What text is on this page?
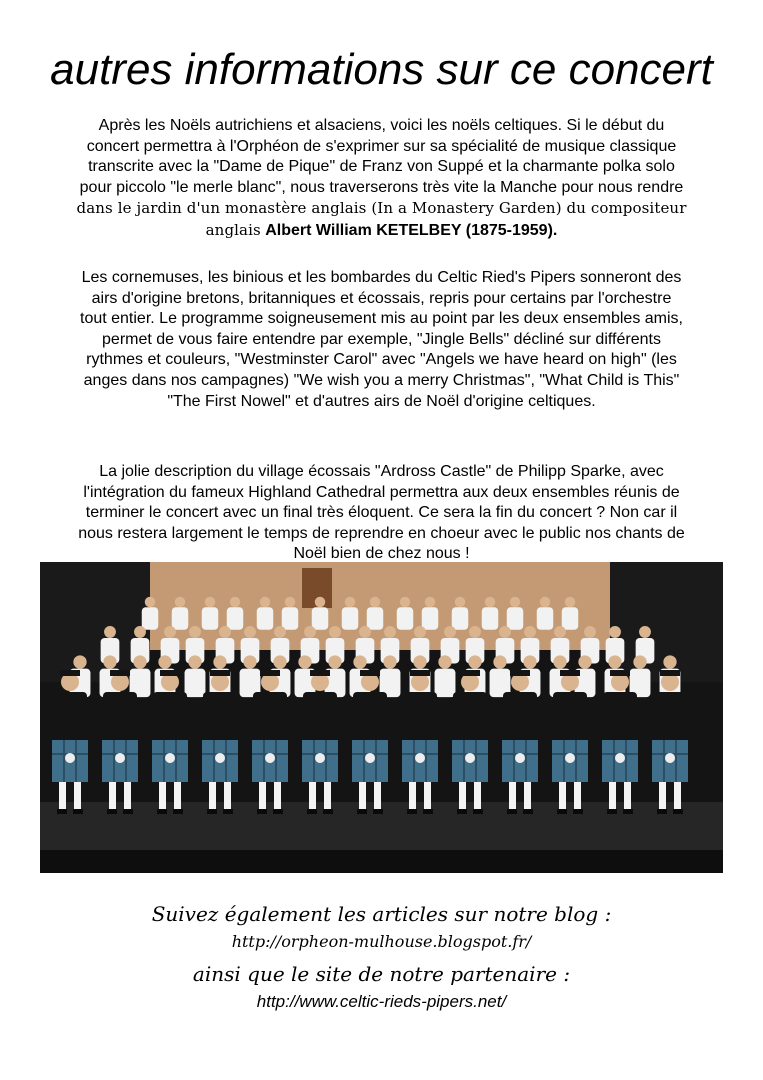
autres informations sur ce concert

Après les Noëls autrichiens et alsaciens, voici les noëls celtiques. Si le début du
concert permettra à l'Orphéon de s'exprimer sur sa spécialité de musique classique
transcrite avec la "Dame de Pique" de Franz von Suppé et la charmante polka solo
pour piccolo "le merle blanc", nous traverserons très vite la Manche pour nous rendre
dans le jardin d'un monastère anglais (In a Monastery Garden) du compositeur
anglais Albert William KETELBEY (1875-1959).

Les cornemuses, les binious et les bombardes du Celtic Ried's Pipers sonneront des
airs d'origine bretons, britanniques et écossais, repris pour certains par l'orchestre
tout entier. Le programme soigneusement mis au point par les deux ensembles amis,
permet de vous faire entendre par exemple, "Jingle Bells" décliné sur différents
rythmes et couleurs, "Westminster Carol" avec "Angels we have heard on high" (les
anges dans nos campagnes) "We wish you a merry Christmas", "What Child is This"
"The First Nowel" et d'autres airs de Noël d'origine celtiques.

La jolie description du village écossais "Ardross Castle" de Philipp Sparke, avec
l'intégration du fameux Highland Cathedral permettra aux deux ensembles réunis de
terminer le concert avec un final très éloquent. Ce sera la fin du concert ? Non car il
nous restera largement le temps de reprendre en choeur avec le public nos chants de
Noël bien de chez nous !

Suivez également les articles sur notre blog :

http://orpheon-mulhouse.blogspot.fr/

ainsi que le site de notre partenaire :

http://www.celtic-rieds-pipers.net/
